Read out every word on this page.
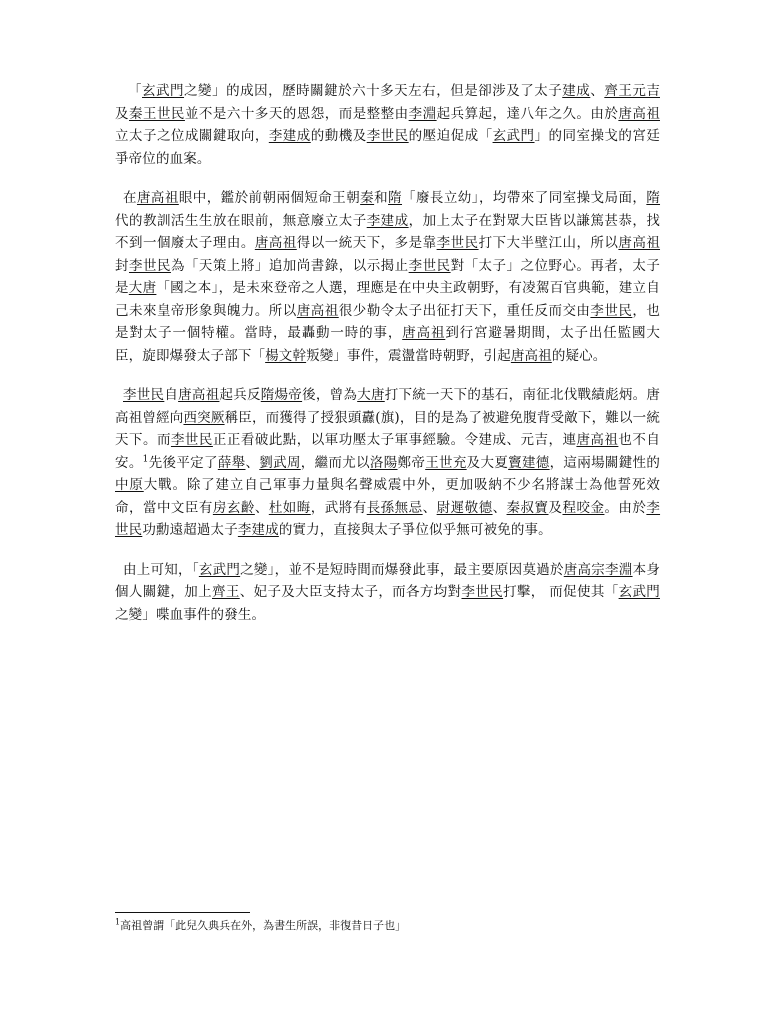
「玄武門之變」的成因，歷時關鍵於六十多天左右，但是卻涉及了太子建成、齊王元吉及秦王世民並不是六十多天的恩怨，而是整整由李淵起兵算起，達八年之久。由於唐高祖立太子之位成關鍵取向，李建成的動機及李世民的壓迫促成「玄武門」的同室操戈的宮廷爭帝位的血案。

在唐高祖眼中，鑑於前朝兩個短命王朝秦和隋「廢長立幼」，均帶來了同室操戈局面，隋代的教訓活生生放在眼前，無意廢立太子李建成，加上太子在對眾大臣皆以謙篤甚恭，找不到一個廢太子理由。唐高祖得以一統天下，多是靠李世民打下大半壁江山，所以唐高祖封李世民為「天策上將」追加尚書錄，以示揭止李世民對「太子」之位野心。再者，太子是大唐「國之本」，是未來登帝之人選，理應是在中央主政朝野，有凌駕百官典範，建立自己未來皇帝形象與魄力。所以唐高祖很少勒令太子出征打天下，重任反而交由李世民，也是對太子一個特權。當時，最轟動一時的事，唐高祖到行宮避暑期間，太子出任監國大臣，旋即爆發太子部下「楊文幹叛變」事件，震盪當時朝野，引起唐高祖的疑心。

李世民自唐高祖起兵反隋煬帝後，曾為大唐打下統一天下的基石，南征北伐戰績彪炳。唐高祖曾經向西突厥稱臣，而獲得了授狠頭纛(旗)，目的是為了被避免腹背受敵下，難以一統天下。而李世民正正看破此點，以軍功壓太子軍事經驗。令建成、元吉，連唐高祖也不自安。$^1$先後平定了薛舉、劉武周，繼而尤以洛陽鄭帝王世充及大夏竇建德，這兩場關鍵性的中原大戰。除了建立自己軍事力量與名聲威震中外，更加吸納不少名將謀士為他誓死效命，當中文臣有房玄齡、杜如晦，武將有長孫無忌、尉遲敬德、秦叔寶及程咬金。由於李世民功勳遠超過太子李建成的實力，直接與太子爭位似乎無可被免的事。

由上可知，「玄武門之變」，並不是短時間而爆發此事，最主要原因莫過於唐高宗李淵本身個人關鍵，加上齊王、妃子及大臣支持太子，而各方均對李世民打擊， 而促使其「玄武門之變」喋血事件的發生。

$^1$高祖曾謂「此兒久典兵在外，為書生所誤，非復昔日子也」
